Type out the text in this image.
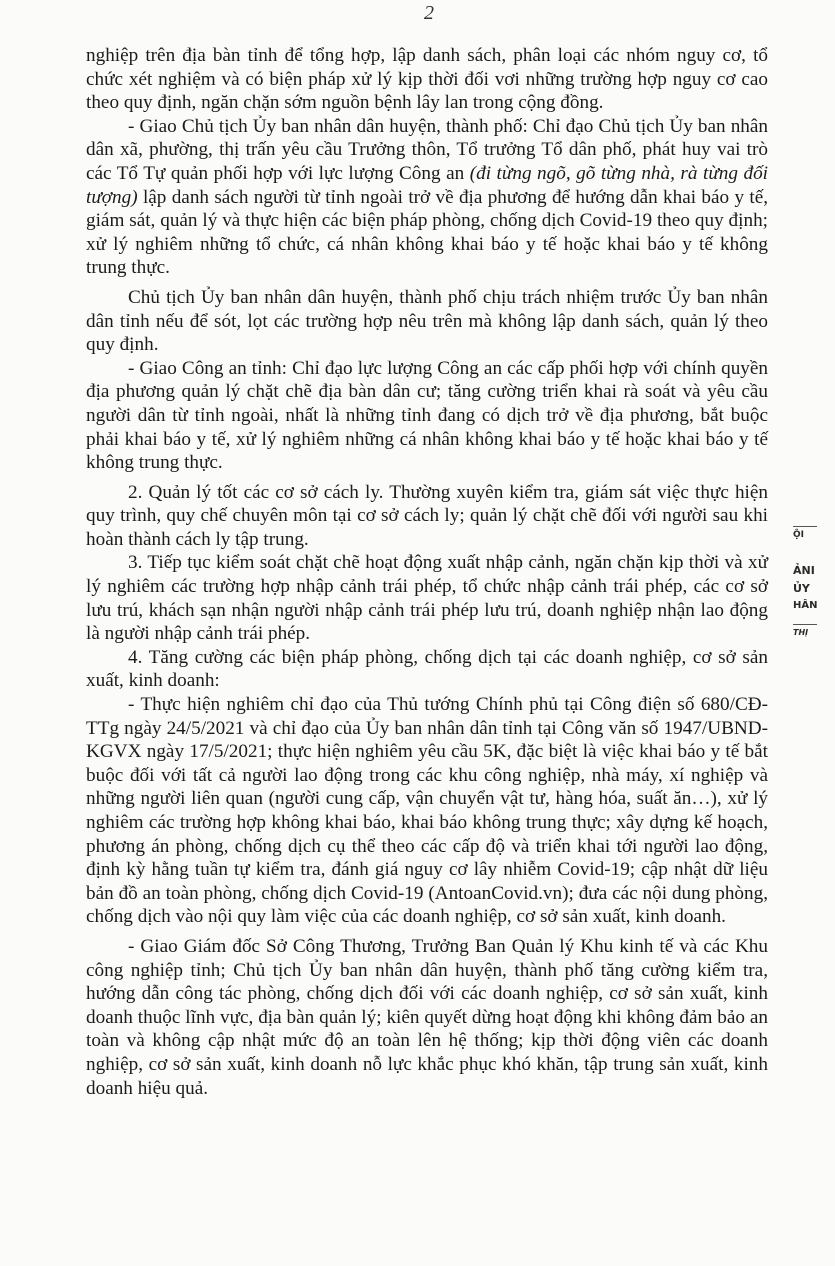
2

nghiệp trên địa bàn tỉnh để tổng hợp, lập danh sách, phân loại các nhóm nguy cơ, tổ chức xét nghiệm và có biện pháp xử lý kịp thời đối vơi những trường hợp nguy cơ cao theo quy định, ngăn chặn sớm nguồn bệnh lây lan trong cộng đồng.

- Giao Chủ tịch Ủy ban nhân dân huyện, thành phố: Chỉ đạo Chủ tịch Ủy ban nhân dân xã, phường, thị trấn yêu cầu Trưởng thôn, Tổ trưởng Tổ dân phố, phát huy vai trò các Tổ Tự quản phối hợp với lực lượng Công an (đi từng ngõ, gõ từng nhà, rà từng đối tượng) lập danh sách người từ tỉnh ngoài trở về địa phương để hướng dẫn khai báo y tế, giám sát, quản lý và thực hiện các biện pháp phòng, chống dịch Covid-19 theo quy định; xử lý nghiêm những tổ chức, cá nhân không khai báo y tế hoặc khai báo y tế không trung thực.

Chủ tịch Ủy ban nhân dân huyện, thành phố chịu trách nhiệm trước Ủy ban nhân dân tỉnh nếu để sót, lọt các trường hợp nêu trên mà không lập danh sách, quản lý theo quy định.

- Giao Công an tỉnh: Chỉ đạo lực lượng Công an các cấp phối hợp với chính quyền địa phương quản lý chặt chẽ địa bàn dân cư; tăng cường triển khai rà soát và yêu cầu người dân từ tỉnh ngoài, nhất là những tỉnh đang có dịch trở về địa phương, bắt buộc phải khai báo y tế, xử lý nghiêm những cá nhân không khai báo y tế hoặc khai báo y tế không trung thực.

2. Quản lý tốt các cơ sở cách ly. Thường xuyên kiểm tra, giám sát việc thực hiện quy trình, quy chế chuyên môn tại cơ sở cách ly; quản lý chặt chẽ đối với người sau khi hoàn thành cách ly tập trung.

3. Tiếp tục kiểm soát chặt chẽ hoạt động xuất nhập cảnh, ngăn chặn kịp thời và xử lý nghiêm các trường hợp nhập cảnh trái phép, tổ chức nhập cảnh trái phép, các cơ sở lưu trú, khách sạn nhận người nhập cảnh trái phép lưu trú, doanh nghiệp nhận lao động là người nhập cảnh trái phép.

4. Tăng cường các biện pháp phòng, chống dịch tại các doanh nghiệp, cơ sở sản xuất, kinh doanh:

- Thực hiện nghiêm chỉ đạo của Thủ tướng Chính phủ tại Công điện số 680/CĐ-TTg ngày 24/5/2021 và chỉ đạo của Ủy ban nhân dân tỉnh tại Công văn số 1947/UBND-KGVX ngày 17/5/2021; thực hiện nghiêm yêu cầu 5K, đặc biệt là việc khai báo y tế bắt buộc đối với tất cả người lao động trong các khu công nghiệp, nhà máy, xí nghiệp và những người liên quan (người cung cấp, vận chuyển vật tư, hàng hóa, suất ăn…), xử lý nghiêm các trường hợp không khai báo, khai báo không trung thực; xây dựng kế hoạch, phương án phòng, chống dịch cụ thể theo các cấp độ và triển khai tới người lao động, định kỳ hằng tuần tự kiểm tra, đánh giá nguy cơ lây nhiễm Covid-19; cập nhật dữ liệu bản đồ an toàn phòng, chống dịch Covid-19 (AntoanCovid.vn); đưa các nội dung phòng, chống dịch vào nội quy làm việc của các doanh nghiệp, cơ sở sản xuất, kinh doanh.

- Giao Giám đốc Sở Công Thương, Trưởng Ban Quản lý Khu kinh tế và các Khu công nghiệp tỉnh; Chủ tịch Ủy ban nhân dân huyện, thành phố tăng cường kiểm tra, hướng dẫn công tác phòng, chống dịch đối với các doanh nghiệp, cơ sở sản xuất, kinh doanh thuộc lĩnh vực, địa bàn quản lý; kiên quyết dừng hoạt động khi không đảm bảo an toàn và không cập nhật mức độ an toàn lên hệ thống; kịp thời động viên các doanh nghiệp, cơ sở sản xuất, kinh doanh nỗ lực khắc phục khó khăn, tập trung sản xuất, kinh doanh hiệu quả.

ỘI
ẢNI
ỦY
HÂN
THỊ
